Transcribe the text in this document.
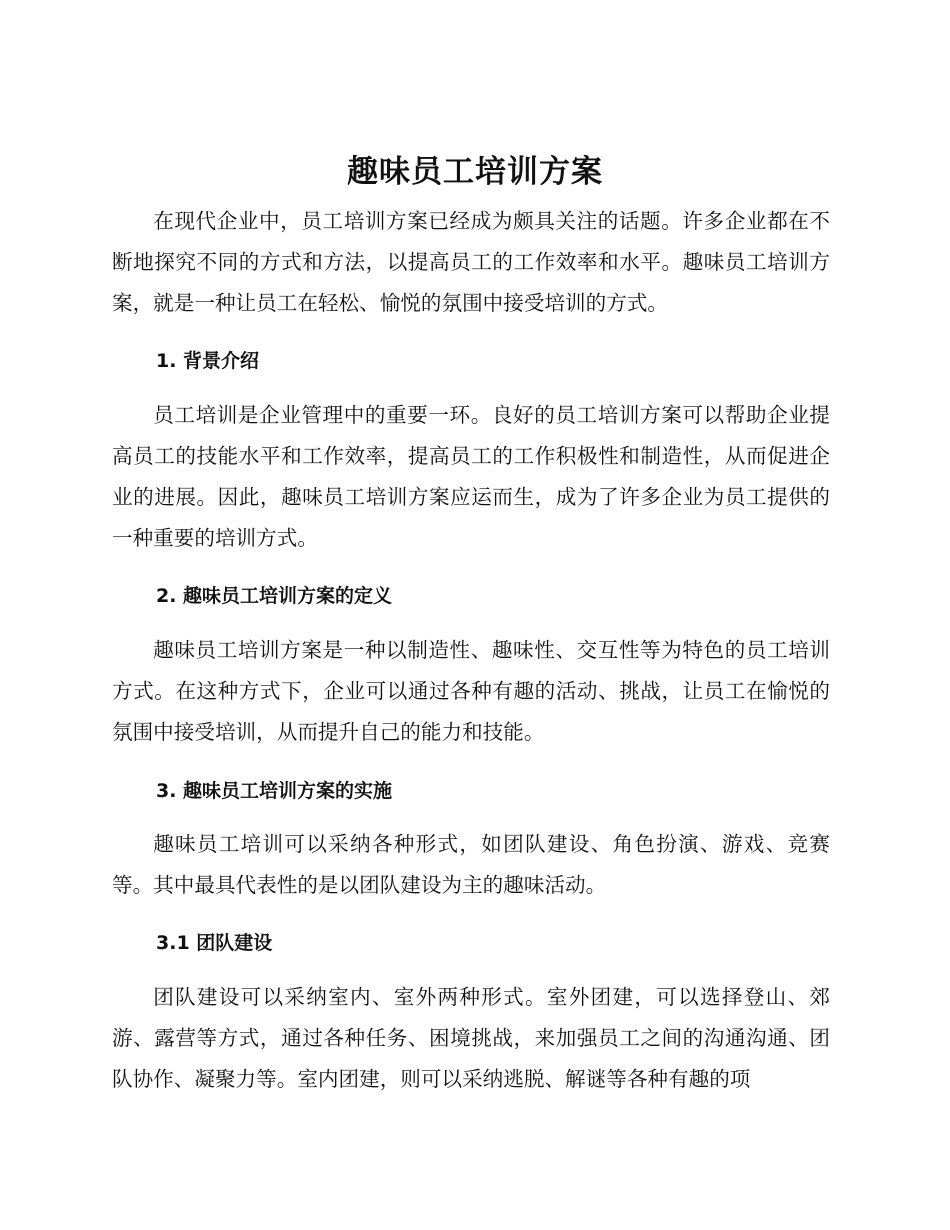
趣味员工培训方案

在现代企业中，员工培训方案已经成为颇具关注的话题。许多企业都在不断地探究不同的方式和方法，以提高员工的工作效率和水平。趣味员工培训方案，就是一种让员工在轻松、愉悦的氛围中接受培训的方式。

1. 背景介绍

员工培训是企业管理中的重要一环。良好的员工培训方案可以帮助企业提高员工的技能水平和工作效率，提高员工的工作积极性和制造性，从而促进企业的进展。因此，趣味员工培训方案应运而生，成为了许多企业为员工提供的一种重要的培训方式。

2. 趣味员工培训方案的定义

趣味员工培训方案是一种以制造性、趣味性、交互性等为特色的员工培训方式。在这种方式下，企业可以通过各种有趣的活动、挑战，让员工在愉悦的氛围中接受培训，从而提升自己的能力和技能。

3. 趣味员工培训方案的实施

趣味员工培训可以采纳各种形式，如团队建设、角色扮演、游戏、竞赛等。其中最具代表性的是以团队建设为主的趣味活动。

3.1 团队建设

团队建设可以采纳室内、室外两种形式。室外团建，可以选择登山、郊游、露营等方式，通过各种任务、困境挑战，来加强员工之间的沟通沟通、团队协作、凝聚力等。室内团建，则可以采纳逃脱、解谜等各种有趣的项
